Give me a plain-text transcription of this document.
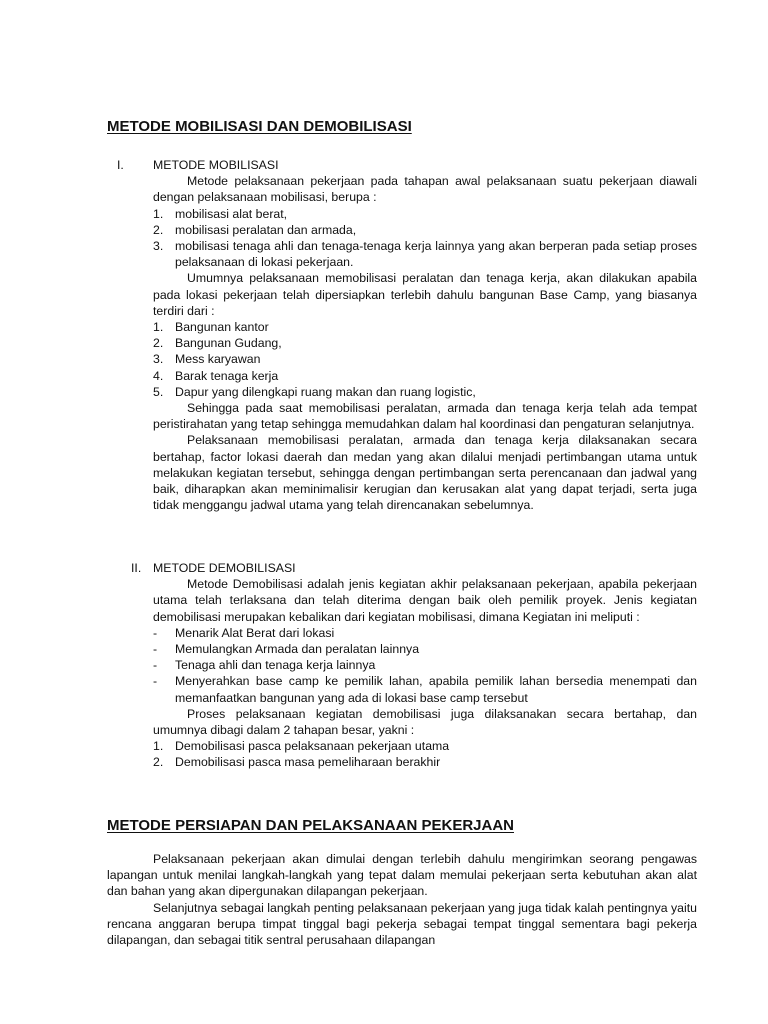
METODE MOBILISASI DAN DEMOBILISASI
I. METODE MOBILISASI

Metode pelaksanaan pekerjaan pada tahapan awal pelaksanaan suatu pekerjaan diawali dengan pelaksanaan mobilisasi, berupa :

1. mobilisasi alat berat,
2. mobilisasi peralatan dan armada,
3. mobilisasi tenaga ahli dan tenaga-tenaga kerja lainnya yang akan berperan pada setiap proses pelaksanaan di lokasi pekerjaan.

Umumnya pelaksanaan memobilisasi peralatan dan tenaga kerja, akan dilakukan apabila pada lokasi pekerjaan telah dipersiapkan terlebih dahulu bangunan Base Camp, yang biasanya terdiri dari :

1. Bangunan kantor
2. Bangunan Gudang,
3. Mess karyawan
4. Barak tenaga kerja
5. Dapur yang dilengkapi ruang makan dan ruang logistic,

Sehingga pada saat memobilisasi peralatan, armada dan tenaga kerja telah ada tempat peristirahatan yang tetap sehingga memudahkan dalam hal koordinasi dan pengaturan selanjutnya.

Pelaksanaan memobilisasi peralatan, armada dan tenaga kerja dilaksanakan secara bertahap, factor lokasi daerah dan medan yang akan dilalui menjadi pertimbangan utama untuk melakukan kegiatan tersebut, sehingga dengan pertimbangan serta perencanaan dan jadwal yang baik, diharapkan akan meminimalisir kerugian dan kerusakan alat yang dapat terjadi, serta juga tidak menggangu jadwal utama yang telah direncanakan sebelumnya.

II. METODE DEMOBILISASI

Metode Demobilisasi adalah jenis kegiatan akhir pelaksanaan pekerjaan, apabila pekerjaan utama telah terlaksana dan telah diterima dengan baik oleh pemilik proyek. Jenis kegiatan demobilisasi merupakan kebalikan dari kegiatan mobilisasi, dimana Kegiatan ini meliputi :

- Menarik Alat Berat dari lokasi
- Memulangkan Armada dan peralatan lainnya
- Tenaga ahli dan tenaga kerja lainnya
- Menyerahkan base camp ke pemilik lahan, apabila pemilik lahan bersedia menempati dan memanfaatkan bangunan yang ada di lokasi base camp tersebut

Proses pelaksanaan kegiatan demobilisasi juga dilaksanakan secara bertahap, dan umumnya dibagi dalam 2 tahapan besar, yakni :

1. Demobilisasi pasca pelaksanaan pekerjaan utama
2. Demobilisasi pasca masa pemeliharaan berakhir
METODE PERSIAPAN DAN PELAKSANAAN PEKERJAAN

Pelaksanaan pekerjaan akan dimulai dengan terlebih dahulu mengirimkan seorang pengawas lapangan untuk menilai langkah-langkah yang tepat dalam memulai pekerjaan serta kebutuhan akan alat dan bahan yang akan dipergunakan dilapangan pekerjaan.

Selanjutnya sebagai langkah penting pelaksanaan pekerjaan yang juga tidak kalah pentingnya yaitu rencana anggaran berupa timpat tinggal bagi pekerja sebagai tempat tinggal sementara bagi pekerja dilapangan, dan sebagai titik sentral perusahaan dilapangan
